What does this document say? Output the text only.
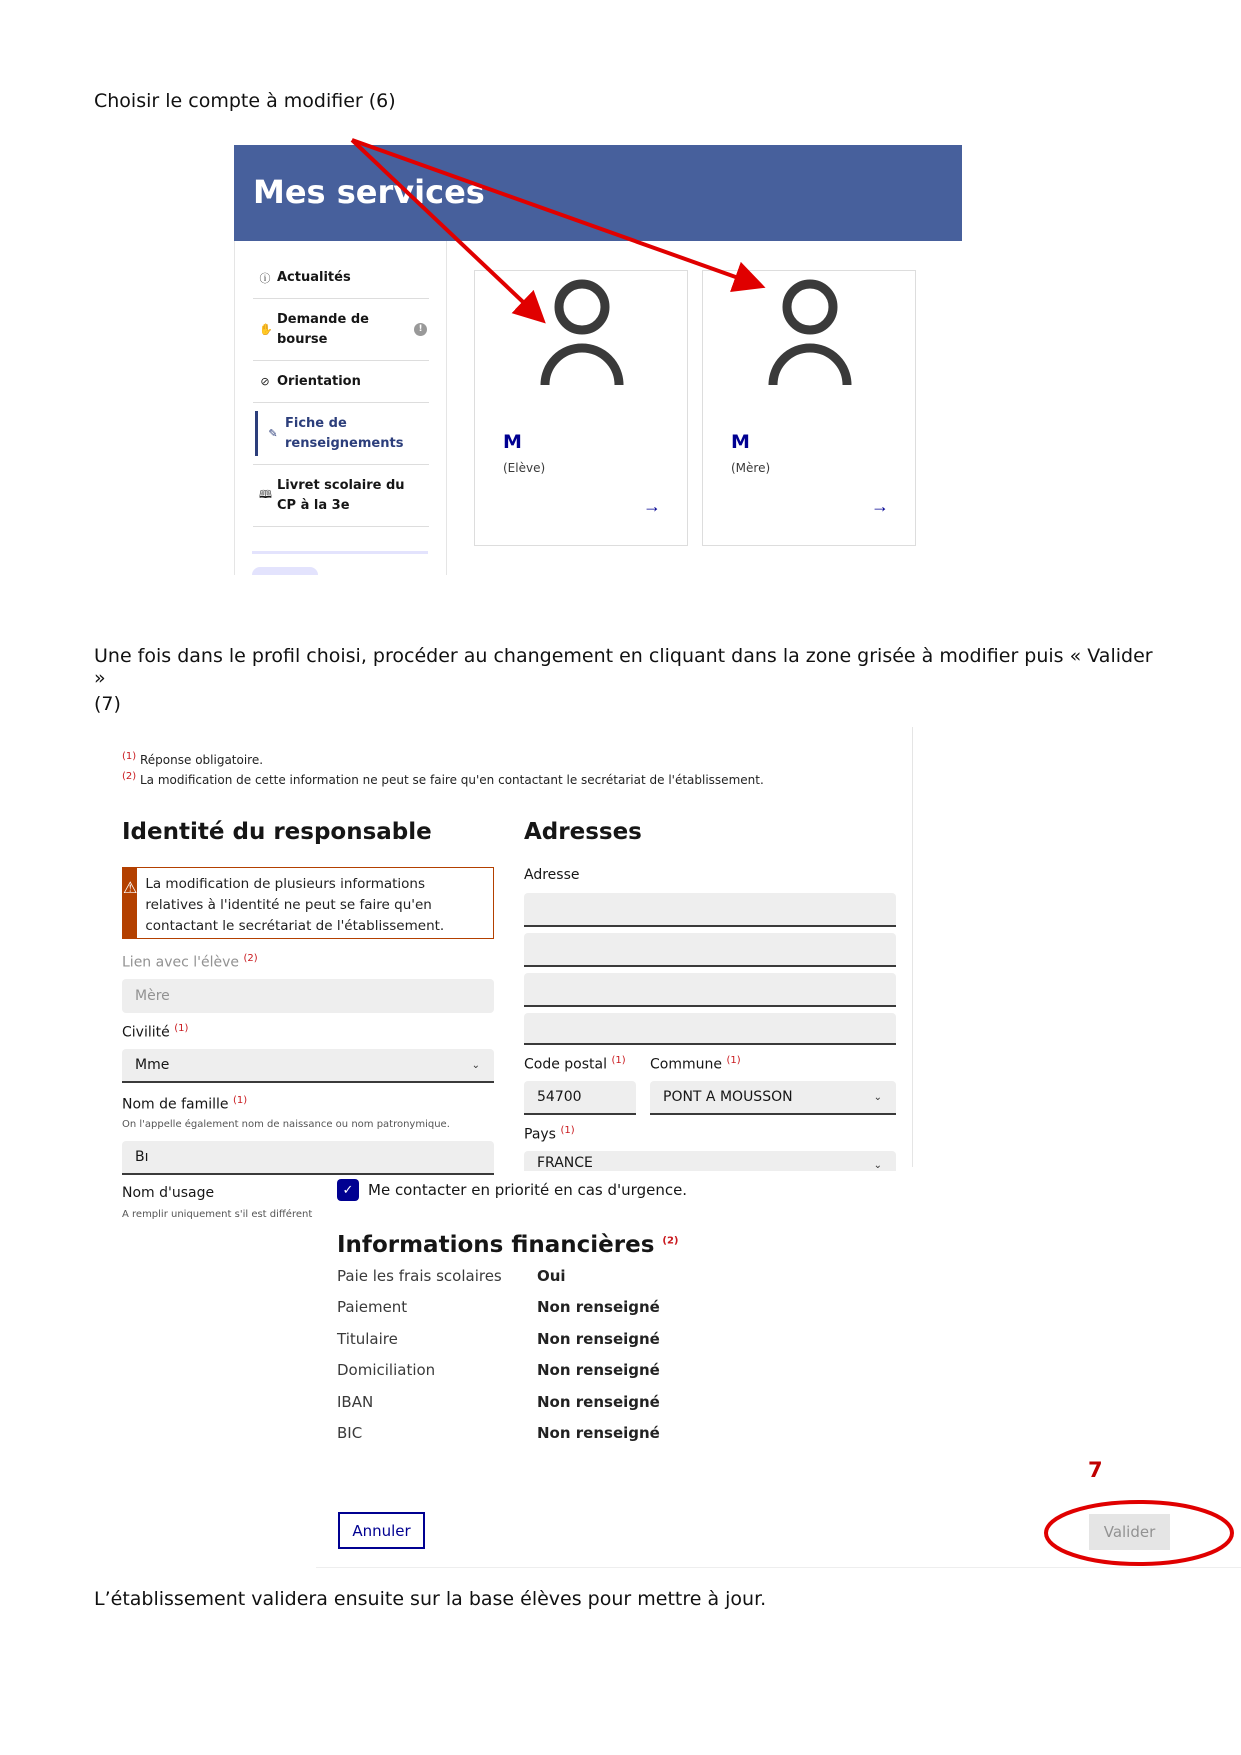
Choisir le compte à modifier (6)
Mes services
ⓘ Actualités
✋
Demande de bourse
!
⊘ Orientation
✎
Fiche de renseignements
🕮
Livret scolaire du CP à la 3e
M
(Elève)
→
M
(Mère)
→
Une fois dans le profil choisi, procéder au changement en cliquant dans la zone grisée à modifier puis « Valider »
(7)
$^{(1)}$ Réponse obligatoire.
$^{(2)}$ La modification de cette information ne peut se faire qu'en contactant le secrétariat de l'établissement.
Identité du responsable
⚠ La modification de plusieurs informations relatives à l'identité ne peut se faire qu'en contactant le secrétariat de l'établissement.
Lien avec l'élève $^{(2)}$
Mère
Civilité $^{(1)}$
Mme	⌄
Nom de famille $^{(1)}$
On l'appelle également nom de naissance ou nom patronymique.
Bı
Nom d'usage
A remplir uniquement s'il est différent
Adresses
Adresse
Code postal $^{(1)}$
54700
Commune $^{(1)}$
PONT A MOUSSON	⌄
Pays $^{(1)}$
FRANCE	⌄
✓ Me contacter en priorité en cas d'urgence.
Informations financières $^{(2)}$
Paie les frais scolaires	Oui
Paiement	Non renseigné
Titulaire	Non renseigné
Domiciliation	Non renseigné
IBAN	Non renseigné
BIC	Non renseigné
Annuler	Valider
7
L’établissement validera ensuite sur la base élèves pour mettre à jour.
